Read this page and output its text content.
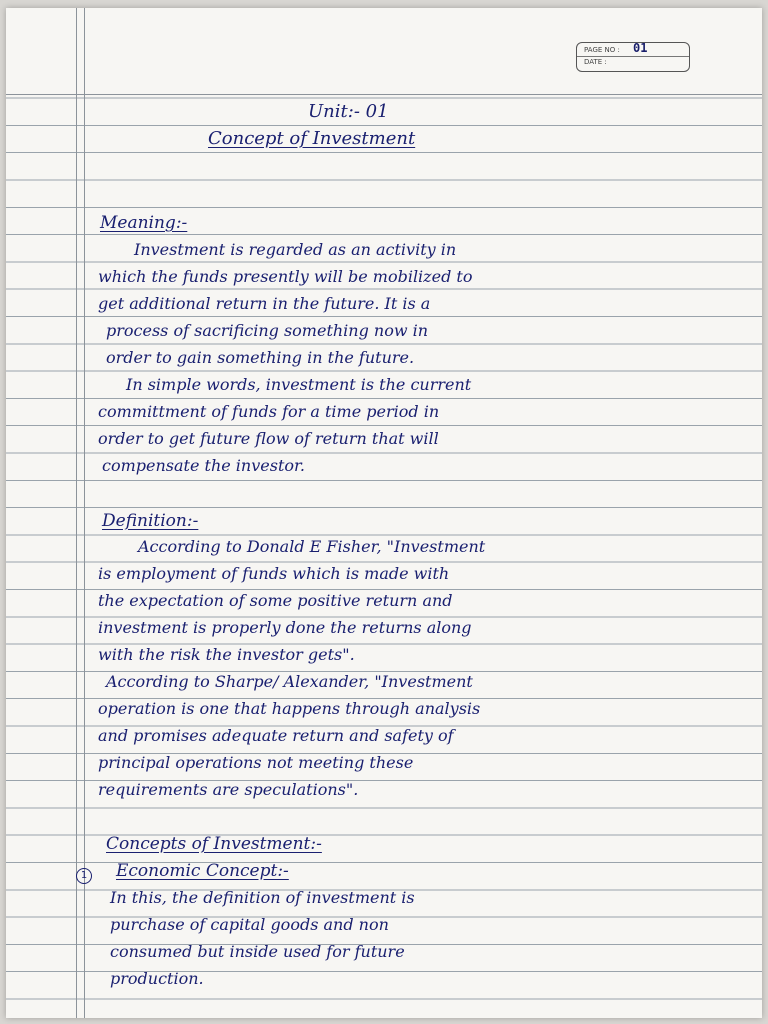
PAGE NO : 01
DATE :
Unit:- 01
Concept of Investment
Meaning:-
Investment is regarded as an activity in
which the funds presently will be mobilized to
get additional return in the future. It is a
process of sacrificing something now in
order to gain something in the future.
In simple words, investment is the current
committment of funds for a time period in
order to get future flow of return that will
compensate the investor.
Definition:-
According to Donald E Fisher, "Investment
is employment of funds which is made with
the expectation of some positive return and
investment is properly done the returns along
with the risk the investor gets".
According to Sharpe/ Alexander, "Investment
operation is one that happens through analysis
and promises adequate return and safety of
principal operations not meeting these
requirements are speculations".
Concepts of Investment:-
1 Economic Concept:-
In this, the definition of investment is
purchase of capital goods and non
consumed but inside used for future
production.
